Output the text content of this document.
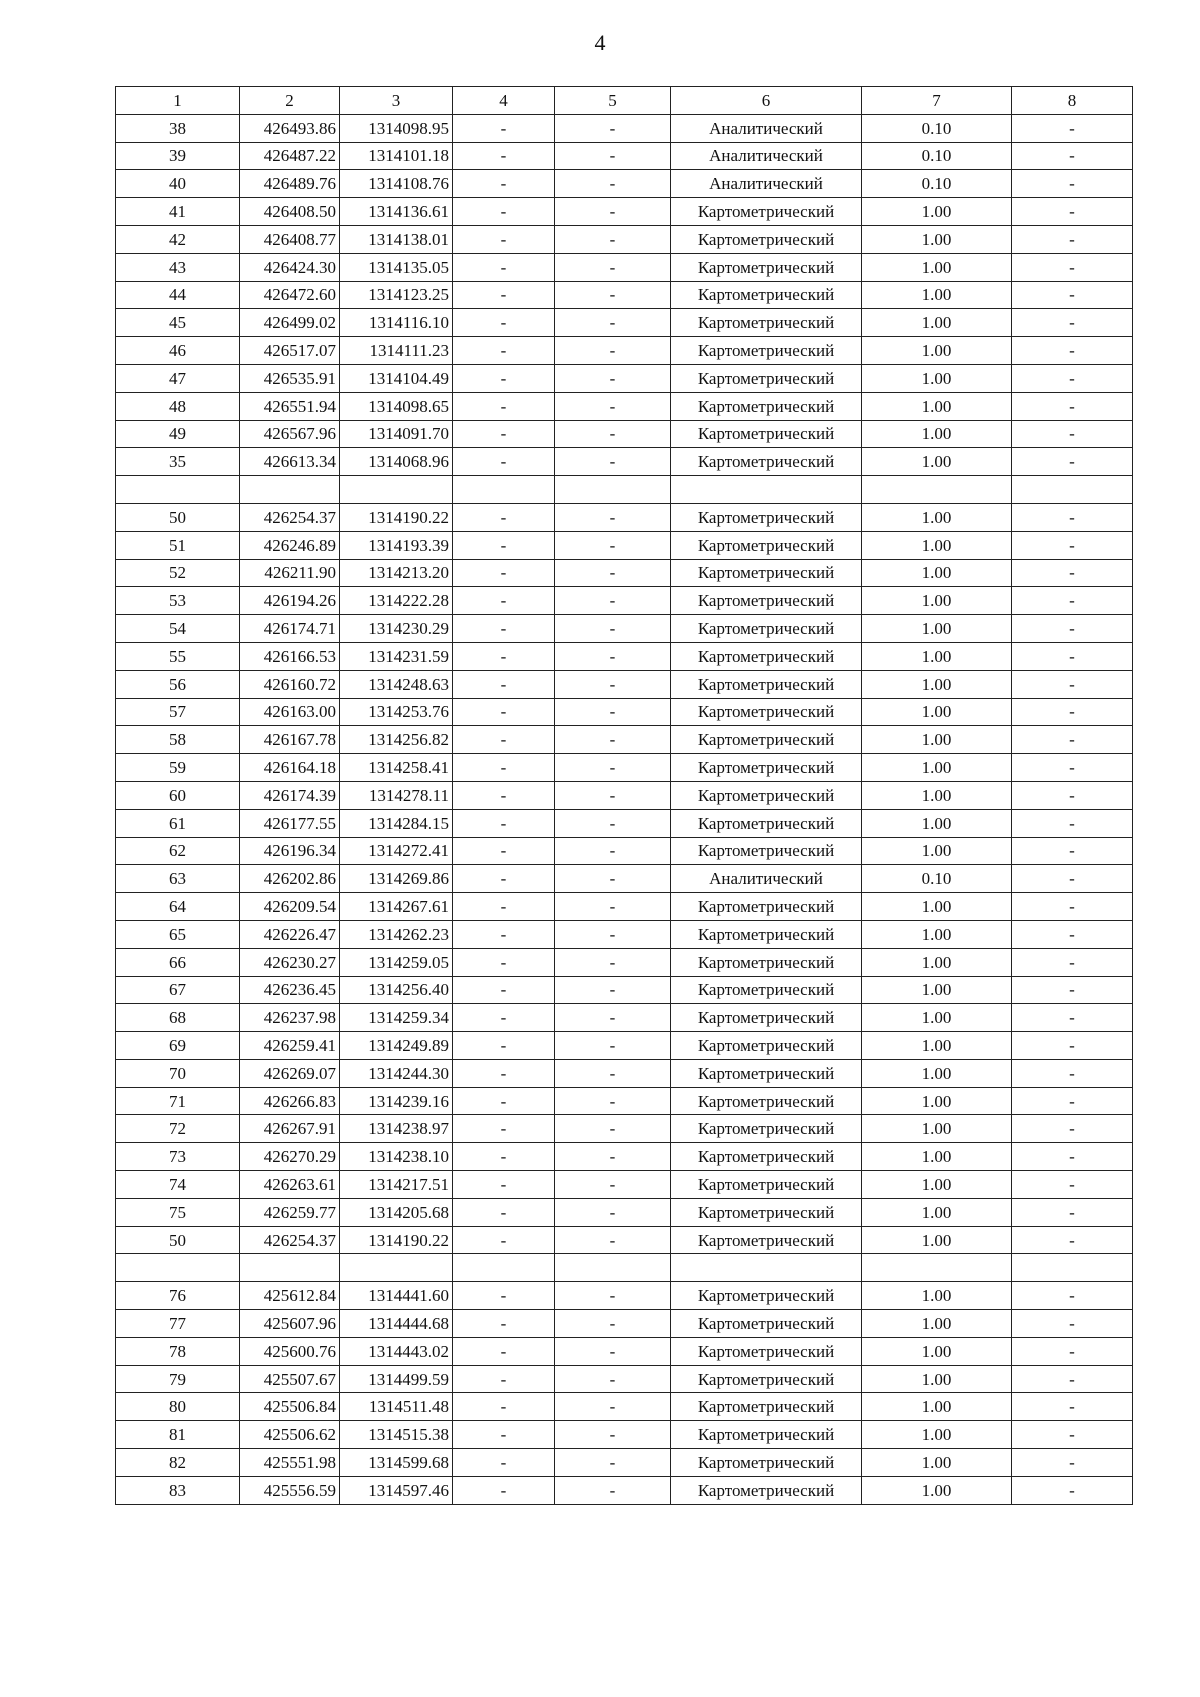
4
1	2	3	4	5	6	7	8
38	426493.86	1314098.95	-	-	Аналитический	0.10	-
39	426487.22	1314101.18	-	-	Аналитический	0.10	-
40	426489.76	1314108.76	-	-	Аналитический	0.10	-
41	426408.50	1314136.61	-	-	Картометрический	1.00	-
42	426408.77	1314138.01	-	-	Картометрический	1.00	-
43	426424.30	1314135.05	-	-	Картометрический	1.00	-
44	426472.60	1314123.25	-	-	Картометрический	1.00	-
45	426499.02	1314116.10	-	-	Картометрический	1.00	-
46	426517.07	1314111.23	-	-	Картометрический	1.00	-
47	426535.91	1314104.49	-	-	Картометрический	1.00	-
48	426551.94	1314098.65	-	-	Картометрический	1.00	-
49	426567.96	1314091.70	-	-	Картометрический	1.00	-
35	426613.34	1314068.96	-	-	Картометрический	1.00	-

50	426254.37	1314190.22	-	-	Картометрический	1.00	-
51	426246.89	1314193.39	-	-	Картометрический	1.00	-
52	426211.90	1314213.20	-	-	Картометрический	1.00	-
53	426194.26	1314222.28	-	-	Картометрический	1.00	-
54	426174.71	1314230.29	-	-	Картометрический	1.00	-
55	426166.53	1314231.59	-	-	Картометрический	1.00	-
56	426160.72	1314248.63	-	-	Картометрический	1.00	-
57	426163.00	1314253.76	-	-	Картометрический	1.00	-
58	426167.78	1314256.82	-	-	Картометрический	1.00	-
59	426164.18	1314258.41	-	-	Картометрический	1.00	-
60	426174.39	1314278.11	-	-	Картометрический	1.00	-
61	426177.55	1314284.15	-	-	Картометрический	1.00	-
62	426196.34	1314272.41	-	-	Картометрический	1.00	-
63	426202.86	1314269.86	-	-	Аналитический	0.10	-
64	426209.54	1314267.61	-	-	Картометрический	1.00	-
65	426226.47	1314262.23	-	-	Картометрический	1.00	-
66	426230.27	1314259.05	-	-	Картометрический	1.00	-
67	426236.45	1314256.40	-	-	Картометрический	1.00	-
68	426237.98	1314259.34	-	-	Картометрический	1.00	-
69	426259.41	1314249.89	-	-	Картометрический	1.00	-
70	426269.07	1314244.30	-	-	Картометрический	1.00	-
71	426266.83	1314239.16	-	-	Картометрический	1.00	-
72	426267.91	1314238.97	-	-	Картометрический	1.00	-
73	426270.29	1314238.10	-	-	Картометрический	1.00	-
74	426263.61	1314217.51	-	-	Картометрический	1.00	-
75	426259.77	1314205.68	-	-	Картометрический	1.00	-
50	426254.37	1314190.22	-	-	Картометрический	1.00	-

76	425612.84	1314441.60	-	-	Картометрический	1.00	-
77	425607.96	1314444.68	-	-	Картометрический	1.00	-
78	425600.76	1314443.02	-	-	Картометрический	1.00	-
79	425507.67	1314499.59	-	-	Картометрический	1.00	-
80	425506.84	1314511.48	-	-	Картометрический	1.00	-
81	425506.62	1314515.38	-	-	Картометрический	1.00	-
82	425551.98	1314599.68	-	-	Картометрический	1.00	-
83	425556.59	1314597.46	-	-	Картометрический	1.00	-
